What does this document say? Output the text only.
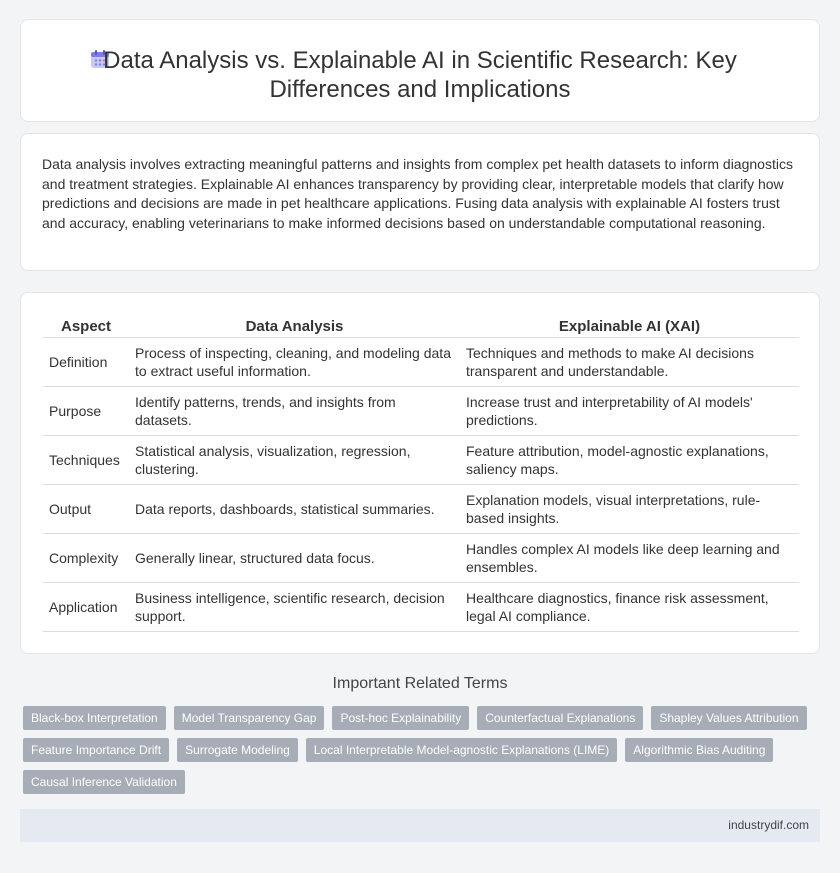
Data Analysis vs. Explainable AI in Scientific Research: Key Differences and Implications

Data analysis involves extracting meaningful patterns and insights from complex pet health datasets to inform diagnostics and treatment strategies. Explainable AI enhances transparency by providing clear, interpretable models that clarify how predictions and decisions are made in pet healthcare applications. Fusing data analysis with explainable AI fosters trust and accuracy, enabling veterinarians to make informed decisions based on understandable computational reasoning.

Aspect	Data Analysis	Explainable AI (XAI)
Definition	Process of inspecting, cleaning, and modeling data to extract useful information.	Techniques and methods to make AI decisions transparent and understandable.
Purpose	Identify patterns, trends, and insights from datasets.	Increase trust and interpretability of AI models' predictions.
Techniques	Statistical analysis, visualization, regression, clustering.	Feature attribution, model-agnostic explanations, saliency maps.
Output	Data reports, dashboards, statistical summaries.	Explanation models, visual interpretations, rule-based insights.
Complexity	Generally linear, structured data focus.	Handles complex AI models like deep learning and ensembles.
Application	Business intelligence, scientific research, decision support.	Healthcare diagnostics, finance risk assessment, legal AI compliance.
Important Related Terms
Black-box Interpretation	Model Transparency Gap	Post-hoc Explainability	Counterfactual Explanations	Shapley Values Attribution
Feature Importance Drift	Surrogate Modeling	Local Interpretable Model-agnostic Explanations (LIME)	Algorithmic Bias Auditing
Causal Inference Validation
industrydif.com
